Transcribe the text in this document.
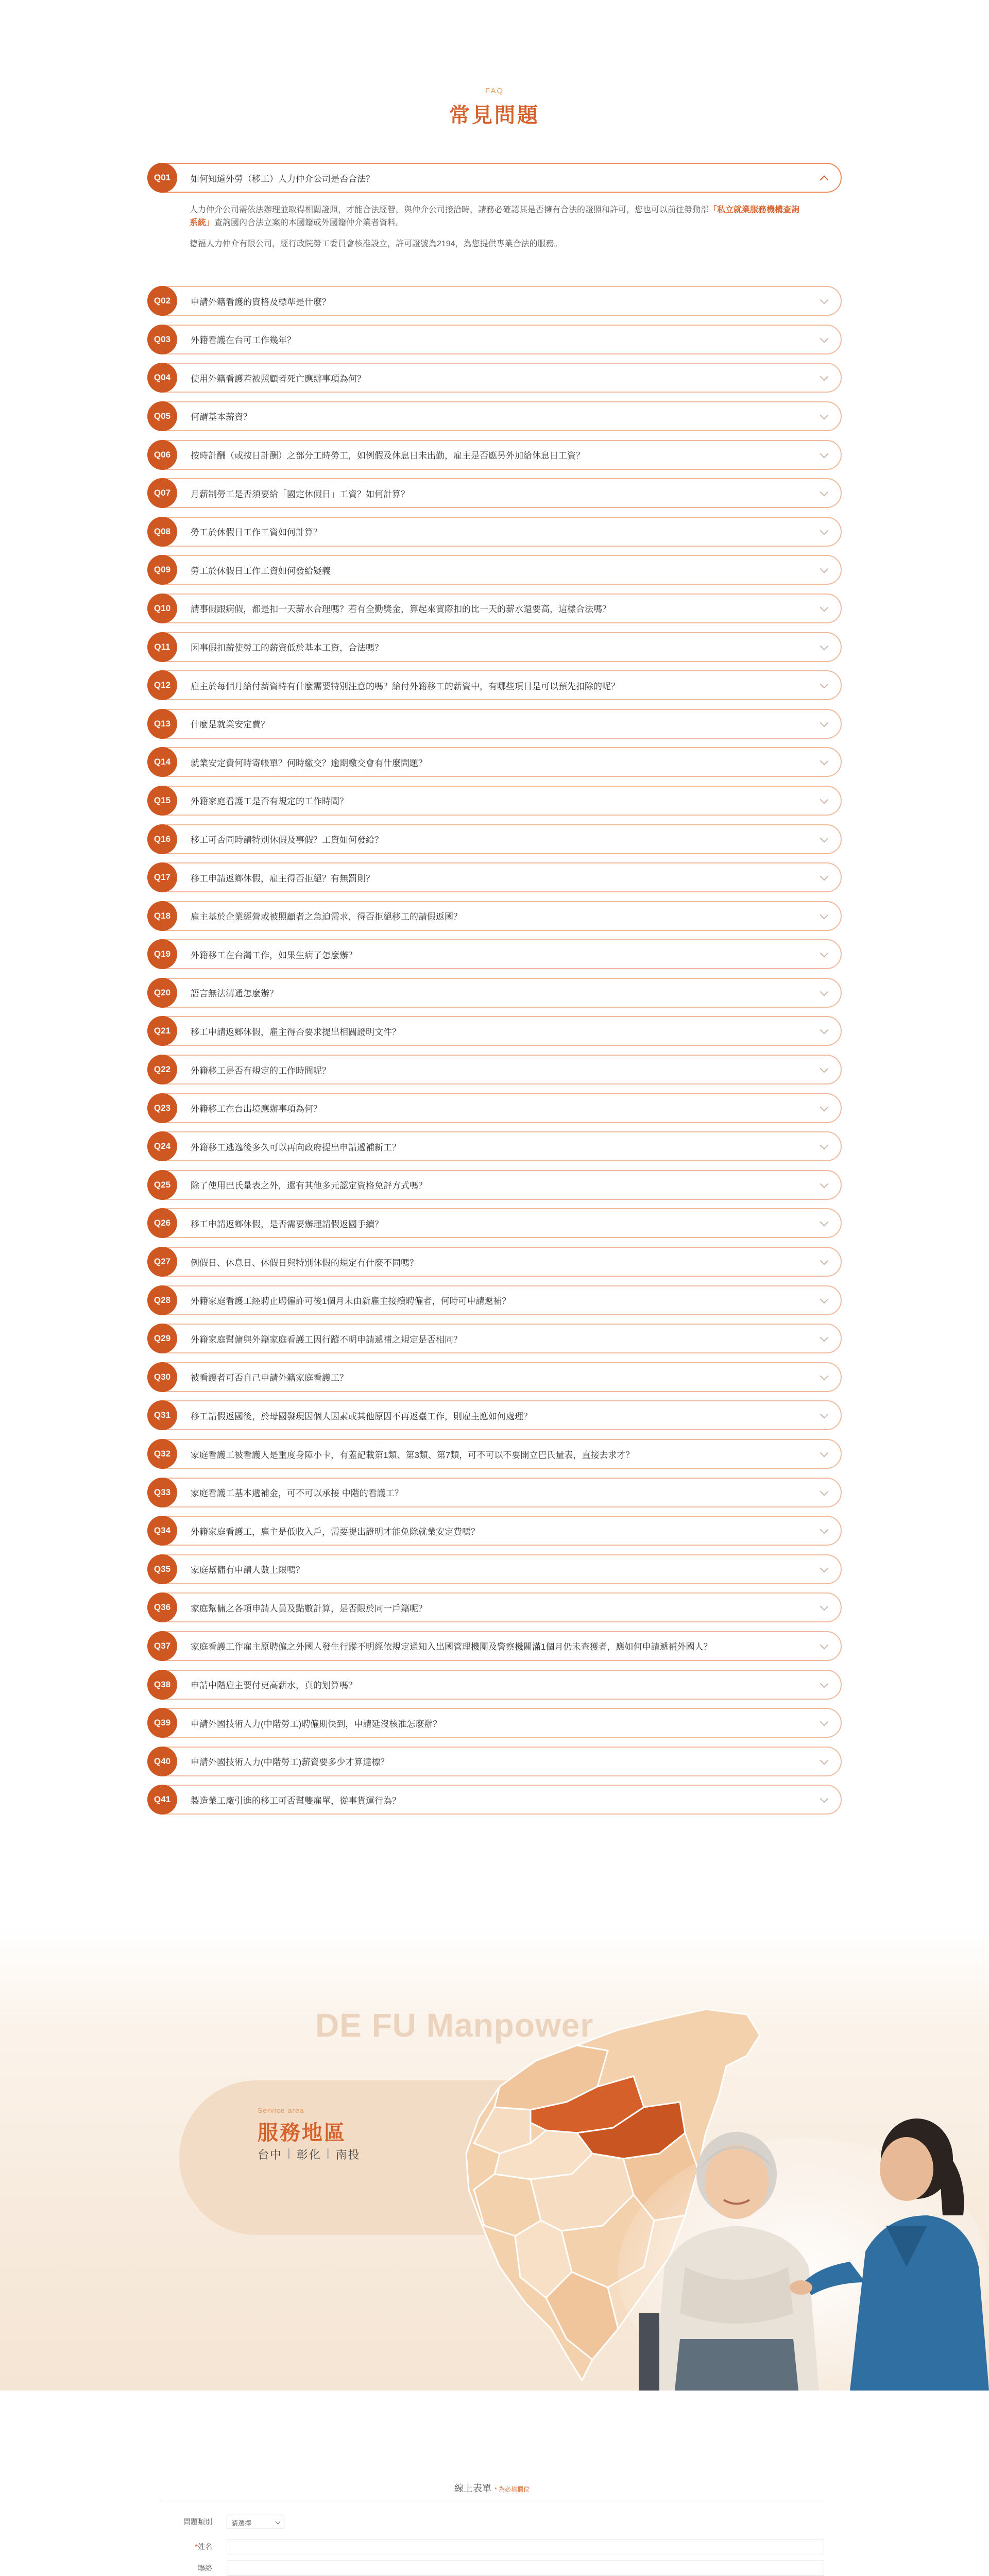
FAQ
常見問題
Q01	如何知道外勞（移工）人力仲介公司是否合法？

人力仲介公司需依法辦理並取得相關證照，才能合法經營，與仲介公司接洽時，請務必確認其是否擁有合法的證照和許可，您也可以前往勞動部「私立就業服務機構查詢系統」查詢國內合法立案的本國籍或外國籍仲介業者資料。

德福人力仲介有限公司，經行政院勞工委員會核准設立，許可證號為2194，為您提供專業合法的服務。

Q02	申請外籍看護的資格及標準是什麼？
Q03	外籍看護在台可工作幾年？
Q04	使用外籍看護若被照顧者死亡應辦事項為何？
Q05	何謂基本薪資？
Q06	按時計酬（或按日計酬）之部分工時勞工，如例假及休息日未出勤，雇主是否應另外加給休息日工資？
Q07	月薪制勞工是否須要給「國定休假日」工資？如何計算？
Q08	勞工於休假日工作工資如何計算？
Q09	勞工於休假日工作工資如何發給疑義
Q10	請事假跟病假，都是扣一天薪水合理嗎？若有全勤獎金，算起來實際扣的比一天的薪水還要高，這樣合法嗎？
Q11	因事假扣薪使勞工的薪資低於基本工資，合法嗎？
Q12	雇主於每個月給付薪資時有什麼需要特別注意的嗎？給付外籍移工的薪資中，有哪些項目是可以預先扣除的呢？
Q13	什麼是就業安定費？
Q14	就業安定費何時寄帳單？何時繳交？逾期繳交會有什麼問題？
Q15	外籍家庭看護工是否有規定的工作時間？
Q16	移工可否同時請特別休假及事假？工資如何發給？
Q17	移工申請返鄉休假，雇主得否拒絕？有無罰則？
Q18	雇主基於企業經營或被照顧者之急迫需求，得否拒絕移工的請假返國？
Q19	外籍移工在台灣工作，如果生病了怎麼辦？
Q20	語言無法溝通怎麼辦？
Q21	移工申請返鄉休假，雇主得否要求提出相關證明文件？
Q22	外籍移工是否有規定的工作時間呢？
Q23	外籍移工在台出境應辦事項為何？
Q24	外籍移工逃逸後多久可以再向政府提出申請遞補新工？
Q25	除了使用巴氏量表之外，還有其他多元認定資格免評方式嗎？
Q26	移工申請返鄉休假，是否需要辦理請假返國手續？
Q27	例假日、休息日、休假日與特別休假的規定有什麼不同嗎？
Q28	外籍家庭看護工經聘止聘僱許可後1個月未由新雇主接續聘僱者，何時可申請遞補？
Q29	外籍家庭幫傭與外籍家庭看護工因行蹤不明申請遞補之規定是否相同？
Q30	被看護者可否自己申請外籍家庭看護工？
Q31	移工請假返國後，於母國發現因個人因素或其他原因不再返臺工作，則雇主應如何處理？
Q32	家庭看護工被看護人是重度身障小卡，有蓋記載第1類、第3類、第7類，可不可以不要開立巴氏量表，直接去求才？
Q33	家庭看護工基本遞補金，可不可以承接 中階的看護工？
Q34	外籍家庭看護工，雇主是低收入戶，需要提出證明才能免除就業安定費嗎？
Q35	家庭幫傭有申請人數上限嗎？
Q36	家庭幫傭之各項申請人員及點數計算，是否限於同一戶籍呢？
Q37	家庭看護工作雇主原聘僱之外國人發生行蹤不明經依規定通知入出國管理機關及警察機關滿1個月仍未查獲者，應如何申請遞補外國人？
Q38	申請中階雇主要付更高薪水，真的划算嗎？
Q39	申請外國技術人力(中階勞工)聘僱期快到，申請延沒核准怎麼辦？
Q40	申請外國技術人力(中階勞工)薪資要多少才算達標？
Q41	製造業工廠引進的移工可否幫雙雇單，從事貨運行為？
DE FU Manpower
Service area
服務地區
台中 | 彰化 | 南投
線上表單 * 為必填欄位
問題類別	請選擇
*姓名
聯絡
